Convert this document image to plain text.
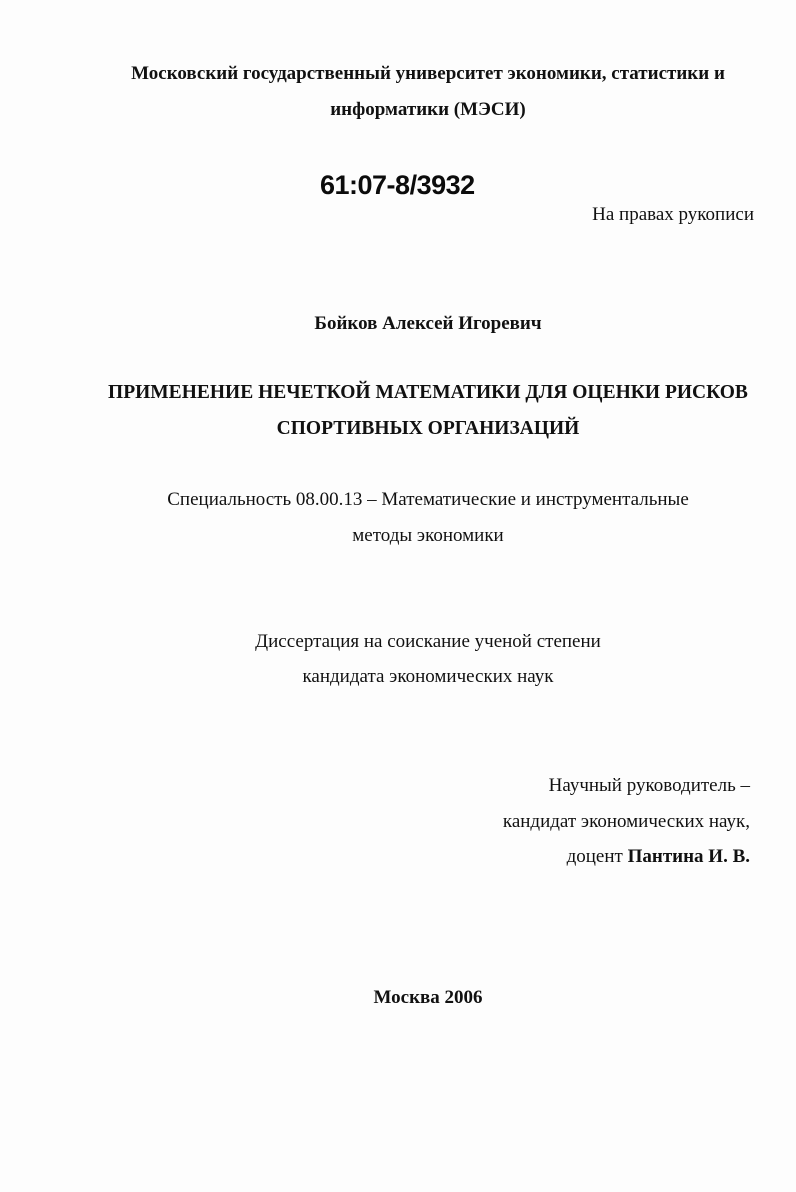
Московский государственный университет экономики, статистики и
информатики (МЭСИ)
61:07-8/3932
На правах рукописи
Бойков Алексей Игоревич
ПРИМЕНЕНИЕ НЕЧЕТКОЙ МАТЕМАТИКИ ДЛЯ ОЦЕНКИ РИСКОВ
СПОРТИВНЫХ ОРГАНИЗАЦИЙ
Специальность 08.00.13 – Математические и инструментальные
методы экономики
Диссертация на соискание ученой степени
кандидата экономических наук
Научный руководитель –
кандидат экономических наук,
доцент Пантина И. В.
Москва 2006
